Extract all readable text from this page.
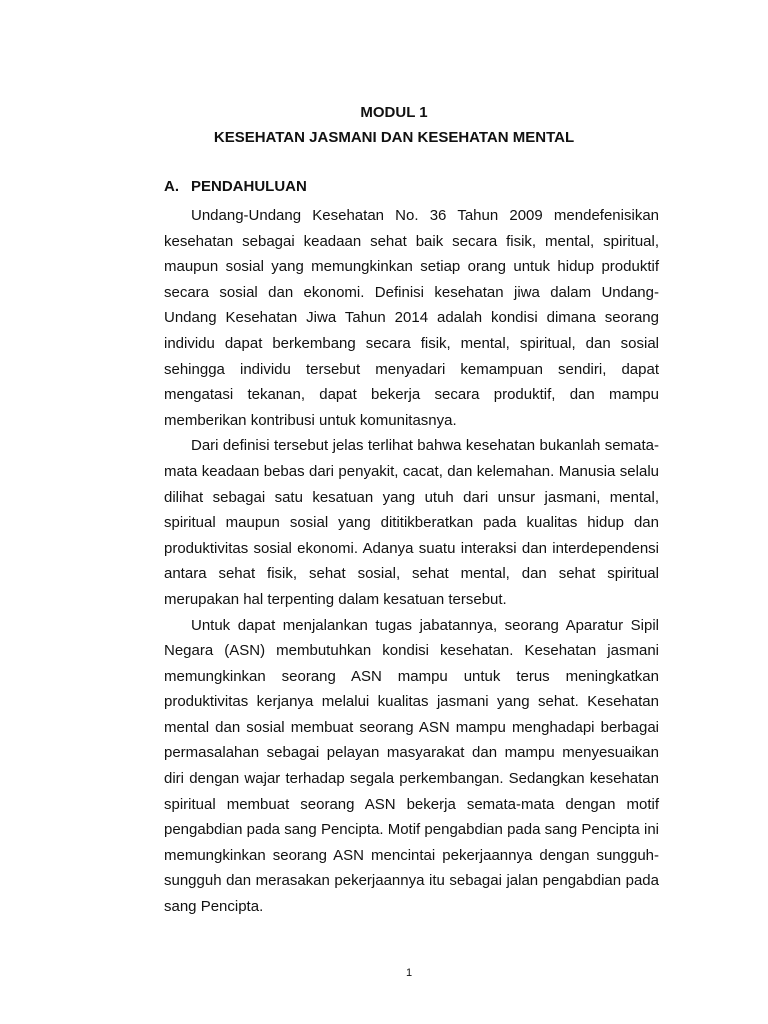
MODUL 1

KESEHATAN JASMANI DAN KESEHATAN MENTAL

A. PENDAHULUAN

Undang-Undang Kesehatan No. 36 Tahun 2009 mendefenisikan kesehatan sebagai keadaan sehat baik secara fisik, mental, spiritual, maupun sosial yang memungkinkan setiap orang untuk hidup produktif secara sosial dan ekonomi. Definisi kesehatan jiwa dalam Undang-Undang Kesehatan Jiwa Tahun 2014 adalah kondisi dimana seorang individu dapat berkembang secara fisik, mental, spiritual, dan sosial sehingga individu tersebut menyadari kemampuan sendiri, dapat mengatasi tekanan, dapat bekerja secara produktif, dan mampu memberikan kontribusi untuk komunitasnya.

Dari definisi tersebut jelas terlihat bahwa kesehatan bukanlah semata-mata keadaan bebas dari penyakit, cacat, dan kelemahan. Manusia selalu dilihat sebagai satu kesatuan yang utuh dari unsur jasmani, mental, spiritual maupun sosial yang dititikberatkan pada kualitas hidup dan produktivitas sosial ekonomi. Adanya suatu interaksi dan interdependensi antara sehat fisik, sehat sosial, sehat mental, dan sehat spiritual merupakan hal terpenting dalam kesatuan tersebut.

Untuk dapat menjalankan tugas jabatannya, seorang Aparatur Sipil Negara (ASN) membutuhkan kondisi kesehatan. Kesehatan jasmani memungkinkan seorang ASN mampu untuk terus meningkatkan produktivitas kerjanya melalui kualitas jasmani yang sehat. Kesehatan mental dan sosial membuat seorang ASN mampu menghadapi berbagai permasalahan sebagai pelayan masyarakat dan mampu menyesuaikan diri dengan wajar terhadap segala perkembangan. Sedangkan kesehatan spiritual membuat seorang ASN bekerja semata-mata dengan motif pengabdian pada sang Pencipta. Motif pengabdian pada sang Pencipta ini memungkinkan seorang ASN mencintai pekerjaannya dengan sungguh-sungguh dan merasakan pekerjaannya itu sebagai jalan pengabdian pada sang Pencipta.

1
